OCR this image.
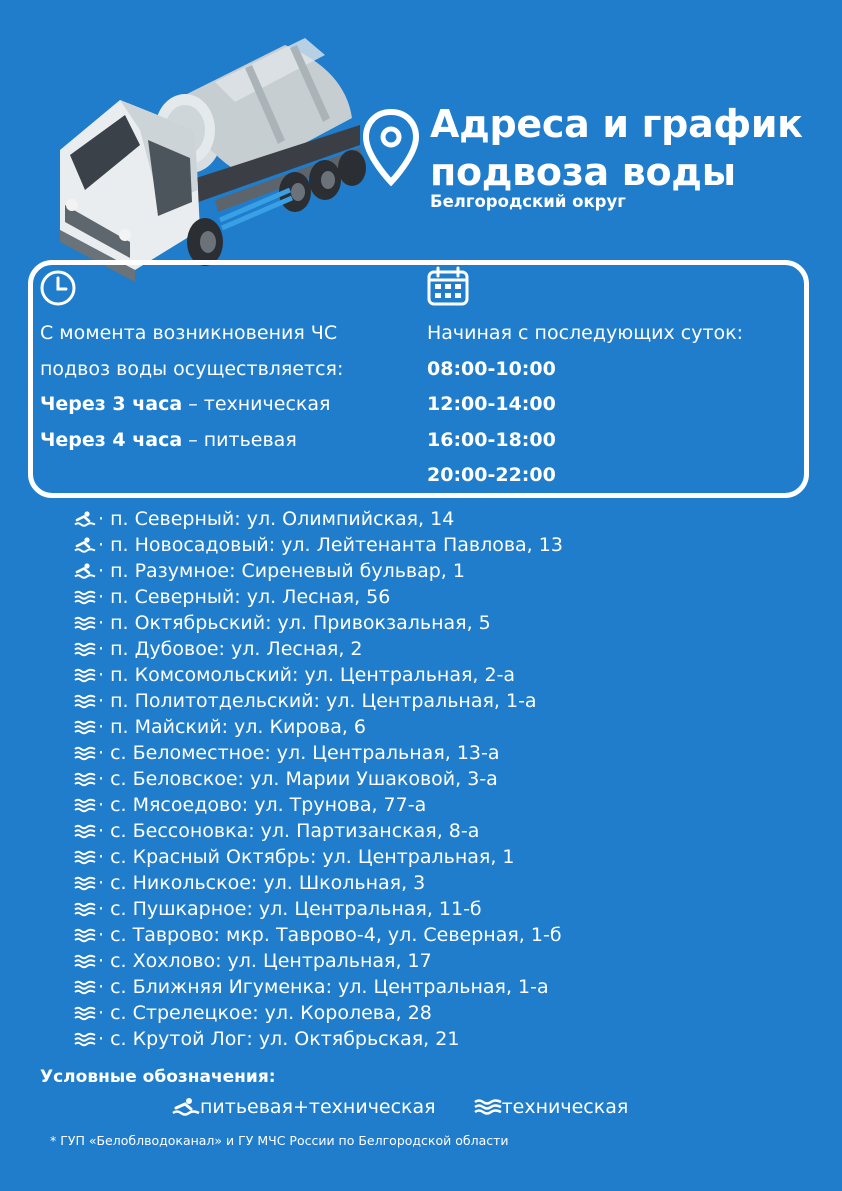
Адреса и график
подвоза воды
Белгородский округ
С момента возникновения ЧС
подвоз воды осуществляется:
Через 3 часа – техническая
Через 4 часа – питьевая
Начиная с последующих суток:
08:00-10:00
12:00-14:00
16:00-18:00
20:00-22:00
· п. Северный: ул. Олимпийская, 14
· п. Новосадовый: ул. Лейтенанта Павлова, 13
· п. Разумное: Сиреневый бульвар, 1
· п. Северный: ул. Лесная, 56
· п. Октябрьский: ул. Привокзальная, 5
· п. Дубовое: ул. Лесная, 2
· п. Комсомольский: ул. Центральная, 2-а
· п. Политотдельский: ул. Центральная, 1-а
· п. Майский: ул. Кирова, 6
· с. Беломестное: ул. Центральная, 13-а
· с. Беловское: ул. Марии Ушаковой, 3-а
· с. Мясоедово: ул. Трунова, 77-а
· с. Бессоновка: ул. Партизанская, 8-а
· с. Красный Октябрь: ул. Центральная, 1
· с. Никольское: ул. Школьная, 3
· с. Пушкарное: ул. Центральная, 11-б
· с. Таврово: мкр. Таврово-4, ул. Северная, 1-б
· с. Хохлово: ул. Центральная, 17
· с. Ближняя Игуменка: ул. Центральная, 1-а
· с. Стрелецкое: ул. Королева, 28
· с. Крутой Лог: ул. Октябрьская, 21
Условные обозначения:
питьевая+техническая	техническая
* ГУП «Белоблводоканал» и ГУ МЧС России по Белгородской области
